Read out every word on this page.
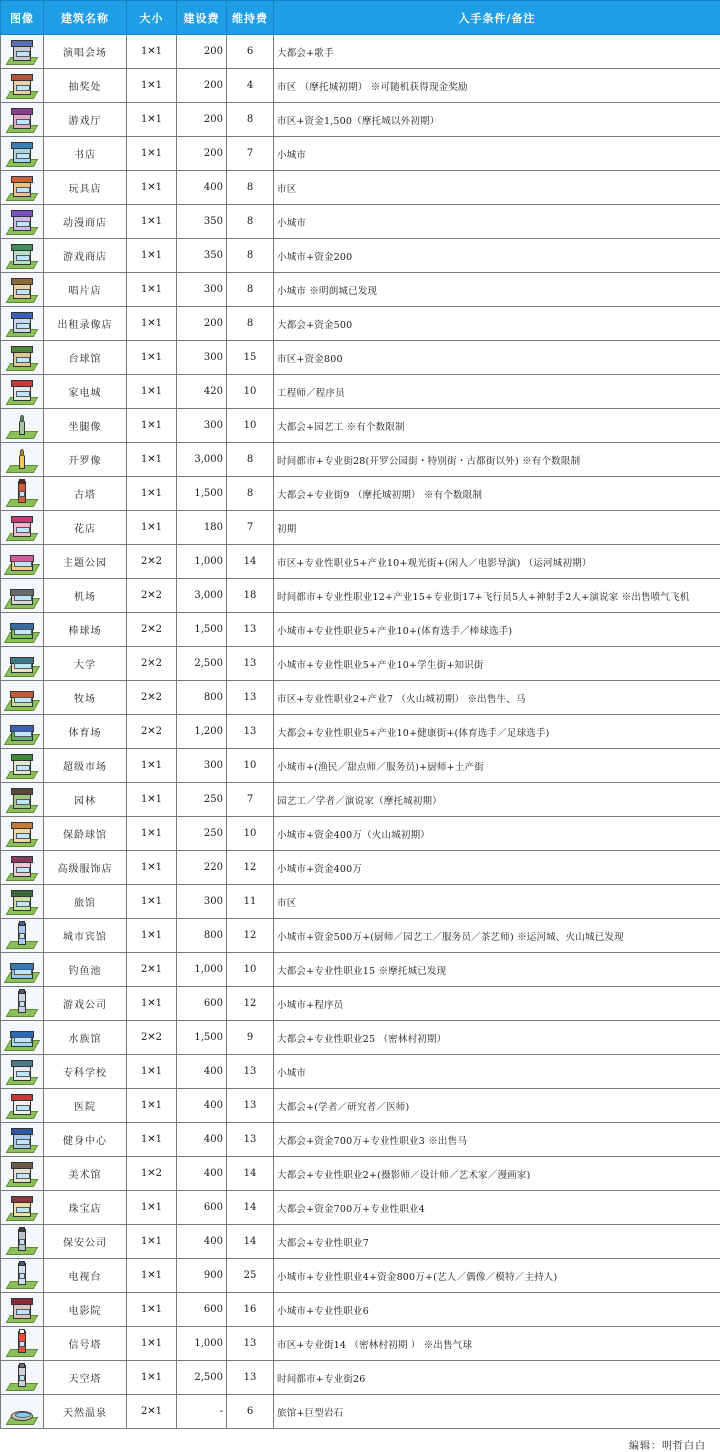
图像	建筑名称	大小	建设费	维持费	入手条件/备注

	演唱会场	1✕1	200	6	大都会+歌手

	抽奖处	1✕1	200	4	市区 （摩托城初期） ※可随机获得现金奖励

	游戏厅	1✕1	200	8	市区+资金1,500（摩托城以外初期）

	书店	1✕1	200	7	小城市

	玩具店	1✕1	400	8	市区

	动漫商店	1✕1	350	8	小城市

	游戏商店	1✕1	350	8	小城市+资金200

	唱片店	1✕1	300	8	小城市 ※明朗城已发现

	出租录像店	1✕1	200	8	大都会+资金500

	台球馆	1✕1	300	15	市区+资金800

	家电城	1✕1	420	10	工程师／程序员

	坐腿像	1✕1	300	10	大都会+园艺工 ※有个数限制

	开罗像	1✕1	3,000	8	时间都市+专业街28(开罗公园街・特别街・古都街以外) ※有个数限制

	古塔	1✕1	1,500	8	大都会+专业街9 （摩托城初期） ※有个数限制

	花店	1✕1	180	7	初期

	主题公园	2✕2	1,000	14	市区+专业性职业5+产业10+观光街+(闲人／电影导演) （运河城初期）

	机场	2✕2	3,000	18	时间都市+专业性职业12+产业15+专业街17+飞行员5人+神射手2人+演说家 ※出售喷气飞机

	棒球场	2✕2	1,500	13	小城市+专业性职业5+产业10+(体育选手／棒球选手)

	大学	2✕2	2,500	13	小城市+专业性职业5+产业10+学生街+知识街

	牧场	2✕2	800	13	市区+专业性职业2+产业7 （火山城初期） ※出售牛、马

	体育场	2✕2	1,200	13	大都会+专业性职业5+产业10+健康街+(体育选手／足球选手)

	超级市场	1✕1	300	10	小城市+(渔民／甜点师／服务员)+厨师+土产街

	园林	1✕1	250	7	园艺工／学者／演说家（摩托城初期）

	保龄球馆	1✕1	250	10	小城市+资金400万（火山城初期）

	高级服饰店	1✕1	220	12	小城市+资金400万

	旅馆	1✕1	300	11	市区

	城市宾馆	1✕1	800	12	小城市+资金500万+(厨师／园艺工／服务员／茶艺师) ※运河城、火山城已发现

	钓鱼池	2✕1	1,000	10	大都会+专业性职业15 ※摩托城已发现

	游戏公司	1✕1	600	12	小城市+程序员

	水族馆	2✕2	1,500	9	大都会+专业性职业25 （密林村初期）

	专科学校	1✕1	400	13	小城市

	医院	1✕1	400	13	大都会+(学者／研究者／医师)

	健身中心	1✕1	400	13	大都会+资金700万+专业性职业3 ※出售马

	美术馆	1✕2	400	14	大都会+专业性职业2+(摄影师／设计师／艺术家／漫画家)

	珠宝店	1✕1	600	14	大都会+资金700万+专业性职业4

	保安公司	1✕1	400	14	大都会+专业性职业7

	电视台	1✕1	900	25	小城市+专业性职业4+资金800万+(艺人／偶像／模特／主持人)

	电影院	1✕1	600	16	小城市+专业性职业6

	信号塔	1✕1	1,000	13	市区+专业街14 （密林村初期 ） ※出售气球

	天空塔	1✕1	2,500	13	时间都市+专业街26

	天然温泉	2✕1	-	6	旅馆+巨型岩石
编辑：明哲白白
